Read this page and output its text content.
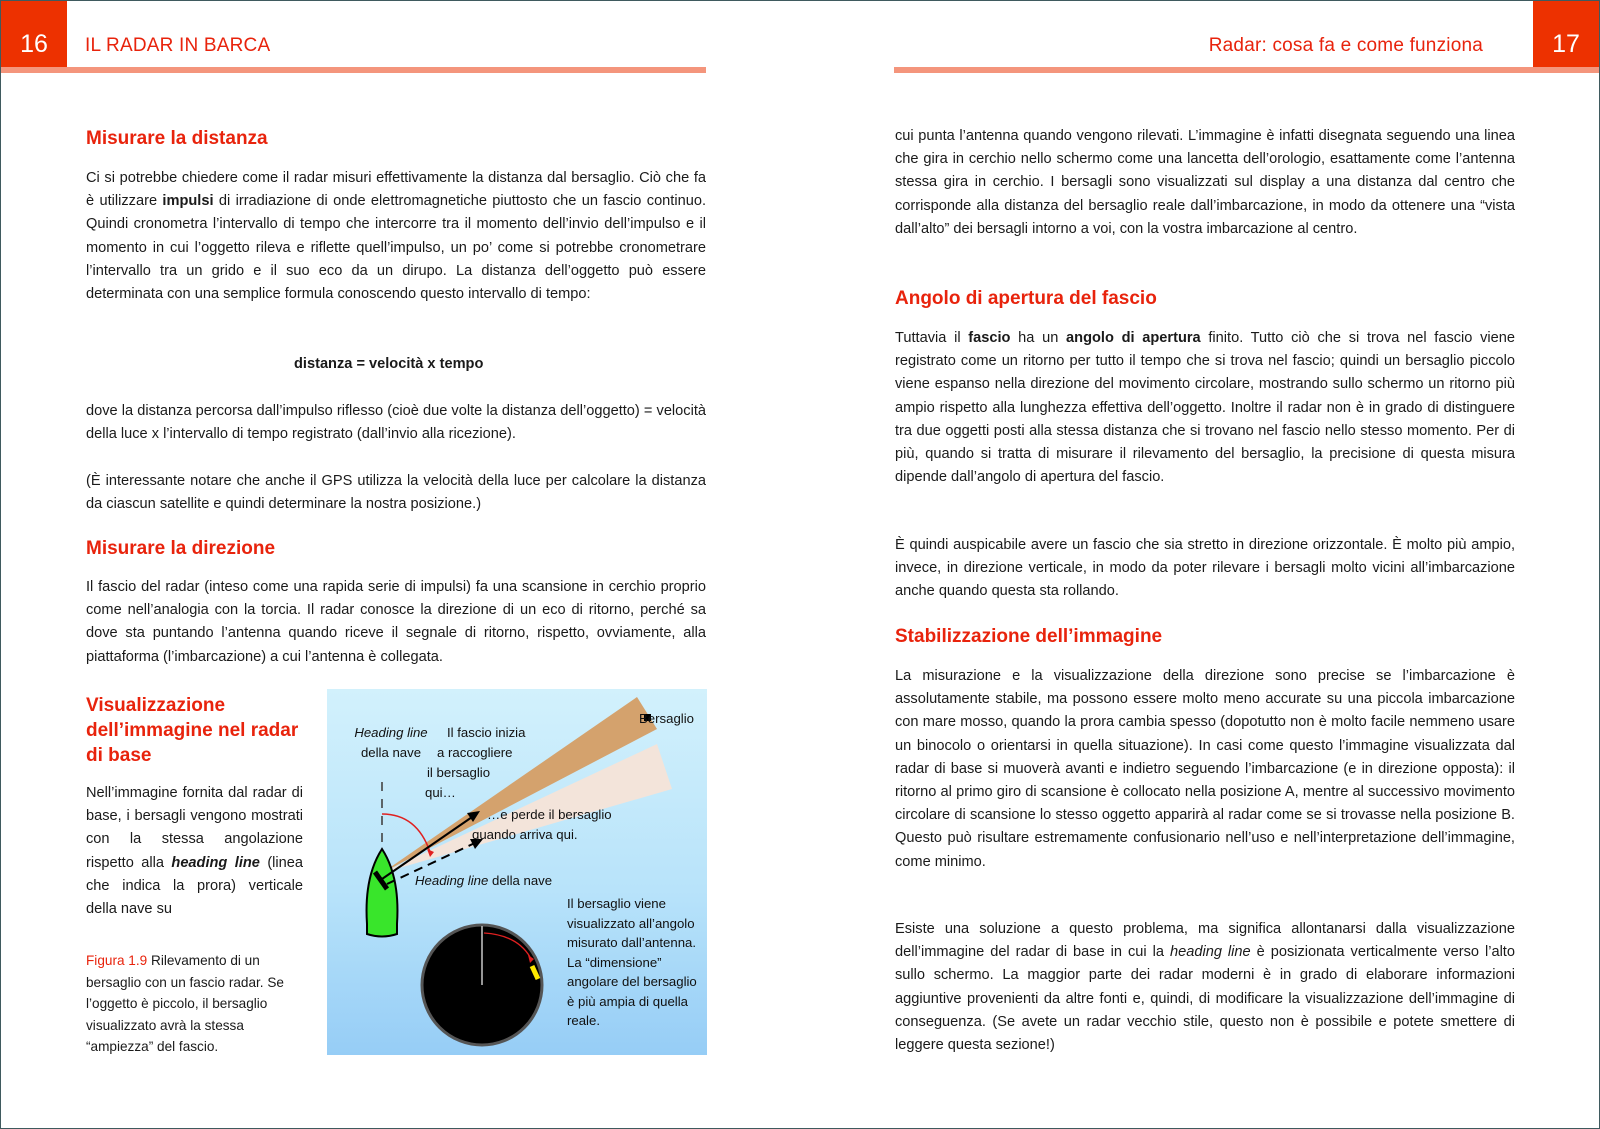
16	IL RADAR IN BARCA	Radar: cosa fa e come funziona	17
Misurare la distanza

Ci si potrebbe chiedere come il radar misuri effettivamente la distanza dal bersaglio. Ciò che fa è utilizzare impulsi di irradiazione di onde elettromagnetiche piuttosto che un fascio continuo. Quindi cronometra l’intervallo di tempo che intercorre tra il momento dell’invio dell’impulso e il momento in cui l’oggetto rileva e riflette quell’impulso, un po’ come si potrebbe cronometrare l’intervallo tra un grido e il suo eco da un dirupo. La distanza dell’oggetto può essere determinata con una semplice formula conoscendo questo intervallo di tempo:

distanza = velocità x tempo

dove la distanza percorsa dall’impulso riflesso (cioè due volte la distanza dell’oggetto) = velocità della luce x l’intervallo di tempo registrato (dall’invio alla ricezione).

(È interessante notare che anche il GPS utilizza la velocità della luce per calcolare la distanza da ciascun satellite e quindi determinare la nostra posizione.)

Misurare la direzione

Il fascio del radar (inteso come una rapida serie di impulsi) fa una scansione in cerchio proprio come nell’analogia con la torcia. Il radar conosce la direzione di un eco di ritorno, perché sa dove sta puntando l’antenna quando riceve il segnale di ritorno, rispetto, ovviamente, alla piattaforma (l’imbarcazione) a cui l’antenna è collegata.

Visualizzazione dell’immagine nel radar di base

Nell’immagine fornita dal radar di base, i bersagli vengono mostrati con la stessa angolazione rispetto alla heading line (linea che indica la prora) verticale della nave su

Figura 1.9 Rilevamento di un bersaglio con un fascio radar. Se l’oggetto è piccolo, il bersaglio visualizzato avrà la stessa “ampiezza” del fascio.
Heading line
della nave
Il fascio inizia
a raccogliere
il bersaglio
qui…
Bersaglio
…e perde il bersaglio
quando arriva qui.
Heading line della nave
Il bersaglio viene
visualizzato all’angolo
misurato dall’antenna.
La “dimensione”
angolare del bersaglio
è più ampia di quella
reale.

cui punta l’antenna quando vengono rilevati. L’immagine è infatti disegnata seguendo una linea che gira in cerchio nello schermo come una lancetta dell’orologio, esattamente come l’antenna stessa gira in cerchio. I bersagli sono visualizzati sul display a una distanza dal centro che corrisponde alla distanza del bersaglio reale dall’imbarcazione, in modo da ottenere una “vista dall’alto” dei bersagli intorno a voi, con la vostra imbarcazione al centro.

Angolo di apertura del fascio

Tuttavia il fascio ha un angolo di apertura finito. Tutto ciò che si trova nel fascio viene registrato come un ritorno per tutto il tempo che si trova nel fascio; quindi un bersaglio piccolo viene espanso nella direzione del movimento circolare, mostrando sullo schermo un ritorno più ampio rispetto alla lunghezza effettiva dell’oggetto. Inoltre il radar non è in grado di distinguere tra due oggetti posti alla stessa distanza che si trovano nel fascio nello stesso momento. Per di più, quando si tratta di misurare il rilevamento del bersaglio, la precisione di questa misura dipende dall’angolo di apertura del fascio.

È quindi auspicabile avere un fascio che sia stretto in direzione orizzontale. È molto più ampio, invece, in direzione verticale, in modo da poter rilevare i bersagli molto vicini all’imbarcazione anche quando questa sta rollando.

Stabilizzazione dell’immagine

La misurazione e la visualizzazione della direzione sono precise se l’imbarcazione è assolutamente stabile, ma possono essere molto meno accurate su una piccola imbarcazione con mare mosso, quando la prora cambia spesso (dopotutto non è molto facile nemmeno usare un binocolo o orientarsi in quella situazione). In casi come questo l’immagine visualizzata dal radar di base si muoverà avanti e indietro seguendo l’imbarcazione (e in direzione opposta): il ritorno al primo giro di scansione è collocato nella posizione A, mentre al successivo movimento circolare di scansione lo stesso oggetto apparirà al radar come se si trovasse nella posizione B. Questo può risultare estremamente confusionario nell’uso e nell’interpretazione dell’immagine, come minimo.

Esiste una soluzione a questo problema, ma significa allontanarsi dalla visualizzazione dell’immagine del radar di base in cui la heading line è posizionata verticalmente verso l’alto sullo schermo. La maggior parte dei radar moderni è in grado di elaborare informazioni aggiuntive provenienti da altre fonti e, quindi, di modificare la visualizzazione dell’immagine di conseguenza. (Se avete un radar vecchio stile, questo non è possibile e potete smettere di leggere questa sezione!)
